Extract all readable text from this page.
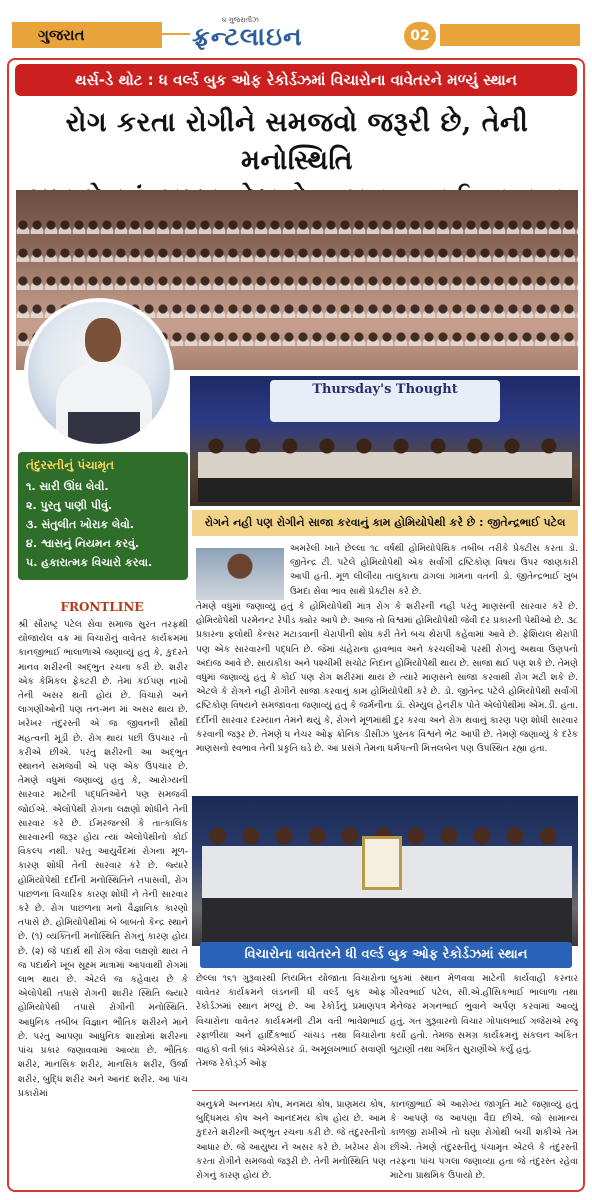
ગુજરાત
ધ ગુજરાતીઝ
ફ્રન્ટલાઇન	02
થર્સ-ડે થોટ : ધ વર્લ્ડ બુક ઓફ રેકોર્ડઝમાં વિચારોના વાવેતરને મળ્યું સ્થાન
રોગ કરતા રોગીને સમજવો જરૂરી છે, તેની મનોસ્થિતિ
Thursday's Thought
રોગને નહી પણ રોગીને સાજા કરવાનું કામ હોમિયોપેથી કરે છે : જીતેન્દ્રભાઈ પટેલ
તંદુરસ્તીનું પંચામૃત
૧. સારી ઊંઘ લેવી.
૨. પુરતુ પાણી પીવું.
૩. સંતુલીત ખોરાક લેવો.
૪. શ્વાસનું નિયમન કરવું.
૫. હકારાત્મક વિચારો કરવા.
FRONTLINE
શ્રી સૌરાષ્ટ્ર પટેલ સેવા સમાજ સુરત તરફથી યોજાયેલ વક્ર માં વિચારોનું વાવેતર કાર્યક્રમમાં કાનજીભાઈ ભાલાળાએ જણાવ્યું હતુ કે, કુદરતે માનવ શરીરની અદ્ભુત રચના કરી છે. શરીર એક કેમિકલ ફેક્ટરી છે. તેમાં કંઈપણ નાખો તેની અસર થતી હોય છે. વિચારો અને લાગણીઓની પણ તન-મન માં અસર થાય છે. ખરેખર તંદુરસ્તી એ જ જીવનની સૌથી મહત્વની મૂડી છે. રોગ થાય પછી ઉપચાર તો કરીએ છીએ. પરંતુ શરીરની આ અદ્ભુત સ્થાનને સમજવી એ પણ એક ઉપચાર છે. તેમણે વધુમાં જણાવ્યું હતુ કે, આરોગ્યની સારવાર માટેની પદ્ધતિઓને પણ સમજવી જોઈએ. એલોપેથી રોગના લક્ષણો શોધીને તેની સારવાર કરે છે. ઈમરજન્સી કે તાત્કાલિક સારવારની જરૂર હોય ત્યાં એલોપેથીનો કોઈ વિકલ્પ નથી. પરંતુ આયુર્વેદમાં રોગના મૂળ-કારણ શોધી તેની સારવાર કરે છે. જ્યારે હોમિયોપેથી દર્દીની મનોસ્થિતિને તપાસવી, રોગ પાછળના વિચારિક કારણ શોધી ને તેની સારવાર કરે છે. રોગ પાછળના મનો વૈજ્ઞાનિક કારણો તપાસે છે. હોમિયોપેથીમાં બે બાબતો કેન્દ્ર સ્થાને છે. (૧) વ્યક્તિની મનોસ્થિતિ રોગનું કારણ હોય છે. (૨) જે પદાર્થ થી રોગ જેવા લક્ષણો થાય તે જ પદાર્થને ખૂબ સૂક્ષ્મ માત્રામાં આપવાથી રોગમાં લાભ થાય છે. એટલે જ કહેવાય છે કે એલોપેથી તપાસે રોગની શારીર સ્થિતિ જ્યારે હોમિયોપેથી તપાસે રોગીની મનોસ્થિતિ. આધુનિક તબીબ વિજ્ઞાન ભૌતિક શરીરને માને છે. પરંતુ આપણા આધુનિક શાસ્ત્રોમાં શરીરના પાંચ પ્રકાર જણાવવામાં આવ્યા છે. ભૌતિક શરીર, માનસિક શરીર, માનસિક શરીર, ઉર્જા શરીર, બુદ્ધિ શરીર અને આનંદ શરીર. આ પાંચ પ્રકારોમાં
અમરેલી ખાતે છેલ્લા ૧૮ વર્ષથી હોમિયોપેથિક તબીબ તરીકે પ્રેક્ટીસ કરતા ડો. જીતેન્દ્ર ટી. પટેલે હોમિયોપેથી એક સર્વાંગી દ્રષ્ટિકોણ વિષય ઉપર જાણકારી આપી હતી. મૂળ લીલીયા તાલુકાના ઢાંગલા ગામના વતની ડો. જીતેન્દ્રભાઈ ખુબ ઉમદા સેવા ભાવ સાથે પ્રેક્ટીસ કરે છે.
તેમણે વધુમાં જણાવ્યું હતું કે હોમિયોપેથી માત્ર રોગ કે શરીરની નહી પરંતુ માણસની સારવાર કરે છે. હોમિયોપેથી પરમેનન્ટ રેપીડ ક્યોર આપે છે. આજ તો વિશ્વમાં હોમિયોપેથી જેવી દર પ્રકારની પેથીઓ છે. ૩૮ પ્રકારના ફલોથી કેન્સર મટાડવાની ચેરાપીની શોધ કરી તેને બચ થેરાપી કહેવામાં આવે છે. ફેશિયલ થેરાપી પણ એક સારવારની પદ્ધતિ છે. જેમાં ચહેરાના હાવભાવ અને કરચલીઓ પરથી રોગનું અથવા ઉણપનો અંદાજ આવે છે. સાયકીકા અને પશ્ચીમી સચોટ નિદાન હોમિયોપેથી થાય છે. સાજા થઈ પણ શકે છે. તેમણે વધુમાં જણાવ્યું હતું કે કોઈ પણ રોગ શરીરમાં થાય છે ત્યારે માણસને સાજા કરવાથી રોગ મટી શકે છે. એટલે કે રોગને નહી રોગીને સાજા કરવાનું કામ હોમિયોપેથી કરે છે. ડો. જીતેન્દ્ર પટેલે હોમિયોપેથી સર્વાંગી દ્રષ્ટિકોણ વિષયને સમજાવતા જણાવ્યું હતું કે જર્મનીના ડૉ. સેમ્યુલ હેનરીક પોતે એલોપેથીમાં એમ.ડી. હતા. દર્દીની સારવાર દરમ્યાન તેમને થયું કે, રોગને મૂળમાંથી દુર કરવા અને રોગ થવાનું કારણ પણ શોધી સારવાર કરવાની જરૂર છે. તેમણે ધ નેચર ઓફ ક્રોનિક ડીસીઝ પુસ્તક વિશ્વને ભેટ આપી છે. તેમણે જણાવ્યું કે દરેક માણસનો સ્વભાવ તેની પ્રકૃતિ ઘડે છે. આ પ્રસંગે તેમના ધર્મપત્ની મિત્તલબેન પણ ઉપસ્થિત રહ્યા હતા.
વિચારોના વાવેતરને ધી વર્લ્ડ બુક ઓફ રેકોર્ડઝમાં સ્થાન
છેલ્લા ૧૬૧ ગુરૂવારથી નિયમિત યોજાતા વિચારોના વાવેતર કાર્યક્રમને લંડનની ધી વર્લ્ડ બુક ઓફ રેકોર્ડઝમાં સ્થાન મળ્યું છે. આ રેકોર્ડનું પ્રમાણપત્ર વિચારોના વાવેતર કાર્યક્રમની ટીમ વતી ભાવેશભાઈ રફાળીયા અને હાર્દિકભાઈ ચાંચડ તથા વિચારોના વાહકો વતી બ્રાંડ એમ્બેસેડર ડૉ. અમૂલખભાઈ સવાણી તેમજ રેકોર્ડ્ઝ ઓફ
બુકમાં સ્થાન મેળવવા માટેની કાર્યવાહી કરનાર ગૌરવભાઈ પટેલ, સી.એ.હીંસિકભાઈ ભાલાળા તથા મેનેજર મગનભાઈ ભુવાને અર્પણ કરવામાં આવ્યું હતું. ગત ગુરૂવારનો વિચાર ગોપાલભાઈ ગજેરાએ રજૂ કર્યો હતો. તેમજ સમગ્ર કાર્યક્રમનું સંકલન અંકિત બુટાણી તથા અંકિત સુરાણીએ કર્યું હતું.
અનુક્રમે અન્નમય કોષ, મનમય કોષ, પ્રાણમય કોષ, બુદ્ધિમય કોષ અને આનંદમય કોષ હોય છે. આમ કુદરતે શરીરની અદ્ભુત રચના કરી છે. જે તંદુરસ્તીનો આધાર છે. જે આયુષ્ય ને અસર કરે છે. ખરેખર રોગ કરતા રોગીને સમજવો જરૂરી છે. તેની મનોસ્થિતિ પણ રોગનું કારણ હોય છે.
કાનજીભાઈ એ આરોગ્ય જાગૃતિ માટે જણાવ્યું હતું કે આપણે જ આપણા વૈદ્ય છીએ. જો સામાન્ય કાળજી રાખીએ તો ઘણા રોગોથી બચી શકીએ તેમ છીએ. તેમણે તંદુરસ્તીનું પંચામૃત એટલે કે તંદુરસ્તી તરફના પાંચ પગલા જણાવ્યા હતા જે તંદુરસ્ત રહેવા માટેના પ્રાથમિક ઉપાયો છે.
